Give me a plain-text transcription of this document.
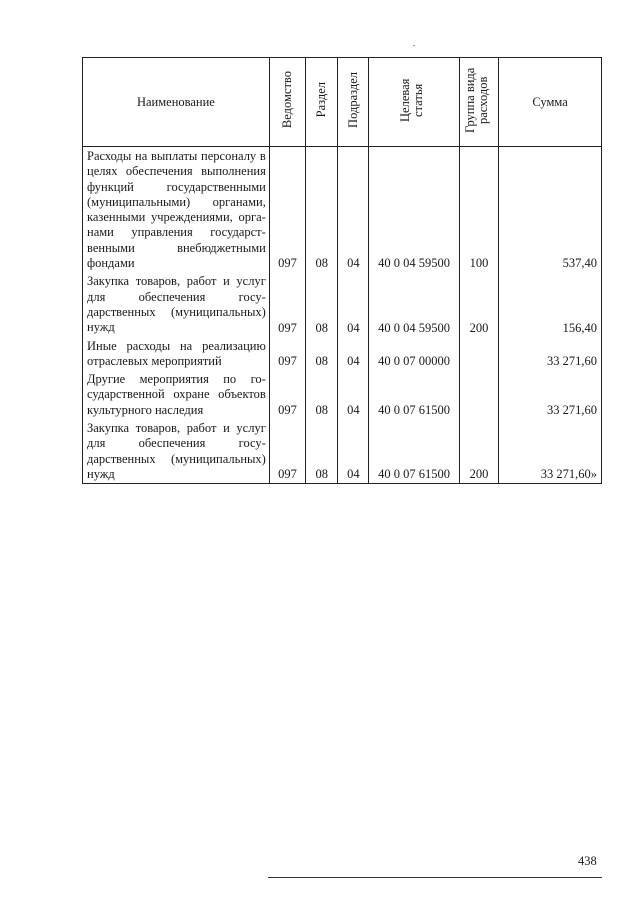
Наименование	Ведомство	Раздел	Подраздел	Целевая статья	Группа вида расходов	Сумма
Расходы на выплаты персоналу в целях обеспечения выполнения функций государственными (муниципальными) органами, казенными учреждениями, органами управления государственными внебюджетными фондами	097	08	04	40 0 04 59500	100	537,40
Закупка товаров, работ и услуг для обеспечения государственных (муниципальных) нужд	097	08	04	40 0 04 59500	200	156,40
Иные расходы на реализацию отраслевых мероприятий	097	08	04	40 0 07 00000		33 271,60
Другие мероприятия по государственной охране объектов культурного наследия	097	08	04	40 0 07 61500		33 271,60
Закупка товаров, работ и услуг для обеспечения государственных (муниципальных) нужд	097	08	04	40 0 07 61500	200	33 271,60»
438
